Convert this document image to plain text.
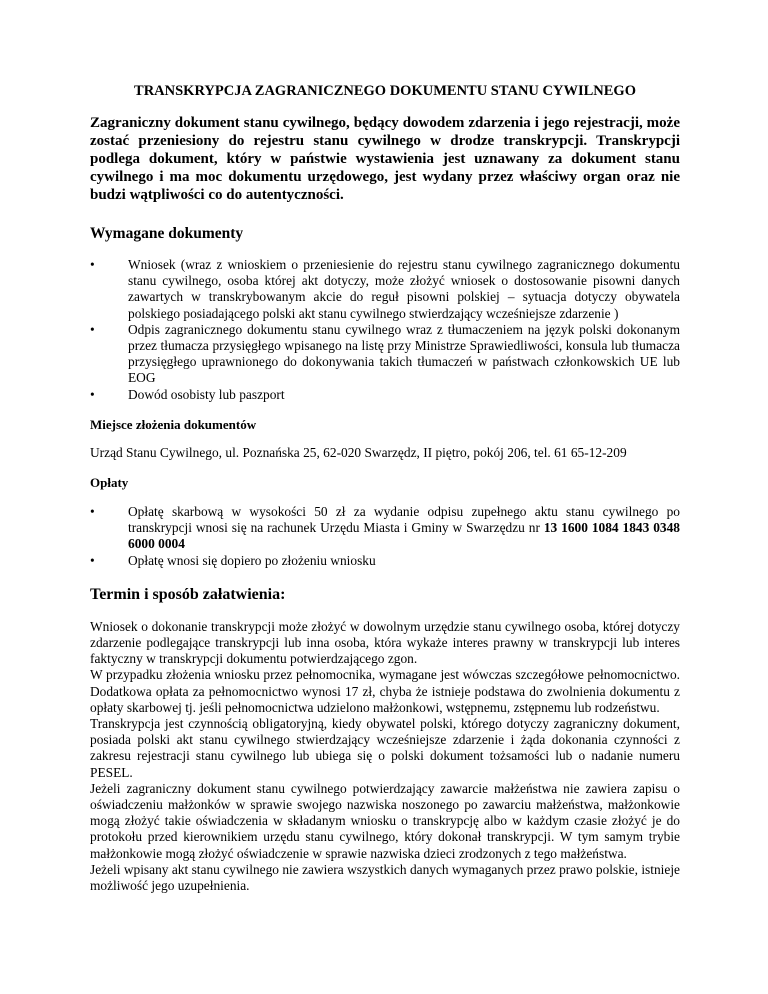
TRANSKRYPCJA ZAGRANICZNEGO DOKUMENTU STANU CYWILNEGO

Zagraniczny dokument stanu cywilnego, będący dowodem zdarzenia i jego rejestracji, może zostać przeniesiony do rejestru stanu cywilnego w drodze transkrypcji. Transkrypcji podlega dokument, który w państwie wystawienia jest uznawany za dokument stanu cywilnego i ma moc dokumentu urzędowego, jest wydany przez właściwy organ oraz nie budzi wątpliwości co do autentyczności.

Wymagane dokumenty

• Wniosek (wraz z wnioskiem o przeniesienie do rejestru stanu cywilnego zagranicznego dokumentu stanu cywilnego, osoba której akt dotyczy, może złożyć wniosek o dostosowanie pisowni danych zawartych w transkrybowanym akcie do reguł pisowni polskiej – sytuacja dotyczy obywatela polskiego posiadającego polski akt stanu cywilnego stwierdzający wcześniejsze zdarzenie )
• Odpis zagranicznego dokumentu stanu cywilnego wraz z tłumaczeniem na język polski dokonanym przez tłumacza przysięgłego wpisanego na listę przy Ministrze Sprawiedliwości, konsula lub tłumacza przysięgłego uprawnionego do dokonywania takich tłumaczeń w państwach członkowskich UE lub EOG
• Dowód osobisty lub paszport

Miejsce złożenia dokumentów

Urząd Stanu Cywilnego, ul. Poznańska 25, 62-020 Swarzędz, II piętro, pokój 206, tel. 61 65-12-209

Opłaty

• Opłatę skarbową w wysokości 50 zł za wydanie odpisu zupełnego aktu stanu cywilnego po transkrypcji wnosi się na rachunek Urzędu Miasta i Gminy w Swarzędzu nr 13 1600 1084 1843 0348 6000 0004
• Opłatę wnosi się dopiero po złożeniu wniosku

Termin i sposób załatwienia:

Wniosek o dokonanie transkrypcji może złożyć w dowolnym urzędzie stanu cywilnego osoba, której dotyczy zdarzenie podlegające transkrypcji lub inna osoba, która wykaże interes prawny w transkrypcji lub interes faktyczny w transkrypcji dokumentu potwierdzającego zgon.

W przypadku złożenia wniosku przez pełnomocnika, wymagane jest wówczas szczegółowe pełnomocnictwo. Dodatkowa opłata za pełnomocnictwo wynosi 17 zł, chyba że istnieje podstawa do zwolnienia dokumentu z opłaty skarbowej tj. jeśli pełnomocnictwa udzielono małżonkowi, wstępnemu, zstępnemu lub rodzeństwu.

Transkrypcja jest czynnością obligatoryjną, kiedy obywatel polski, którego dotyczy zagraniczny dokument, posiada polski akt stanu cywilnego stwierdzający wcześniejsze zdarzenie i żąda dokonania czynności z zakresu rejestracji stanu cywilnego lub ubiega się o polski dokument tożsamości lub o nadanie numeru PESEL.

Jeżeli zagraniczny dokument stanu cywilnego potwierdzający zawarcie małżeństwa nie zawiera zapisu o oświadczeniu małżonków w sprawie swojego nazwiska noszonego po zawarciu małżeństwa, małżonkowie mogą złożyć takie oświadczenia w składanym wniosku o transkrypcję albo w każdym czasie złożyć je do protokołu przed kierownikiem urzędu stanu cywilnego, który dokonał transkrypcji. W tym samym trybie małżonkowie mogą złożyć oświadczenie w sprawie nazwiska dzieci zrodzonych z tego małżeństwa.

Jeżeli wpisany akt stanu cywilnego nie zawiera wszystkich danych wymaganych przez prawo polskie, istnieje możliwość jego uzupełnienia.
